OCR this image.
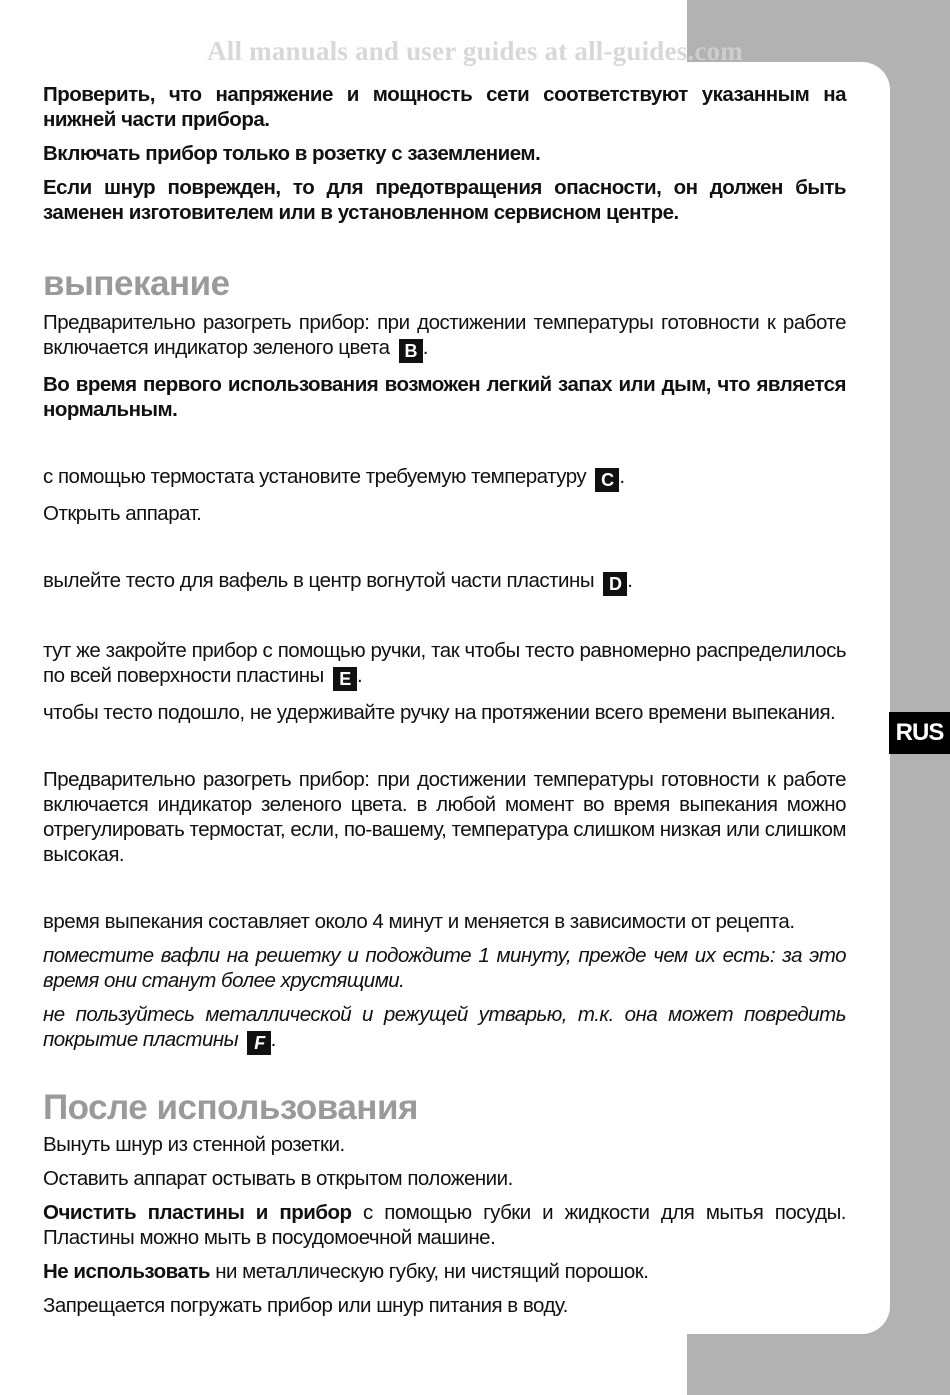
All manuals and user guides at all-guides.com
RUS

Проверить, что напряжение и мощность сети соответствуют указанным на нижней части прибора.

Включать прибор только в розетку с заземлением.

Если шнур поврежден, то для предотвращения опасности, он должен быть заменен изготовителем или в установленном сервисном центре.

выпекание

Предварительно разогреть прибор: при достижении температуры готовности к работе включается индикатор зеленого цвета B .

Во время первого использования возможен легкий запах или дым, что является нормальным.

с помощью термостата установите требуемую температуру C .

Открыть аппарат.

вылейте тесто для вафель в центр вогнутой части пластины D .

тут же закройте прибор с помощью ручки, так чтобы тесто равномерно распределилось по всей поверхности пластины E .

чтобы тесто подошло, не удерживайте ручку на протяжении всего времени выпекания.

Предварительно разогреть прибор: при достижении температуры готовности к работе включается индикатор зеленого цвета. в любой момент во время выпекания можно отрегулировать термостат, если, по-вашему, температура слишком низкая или слишком высокая.

время выпекания составляет около 4 минут и меняется в зависимости от рецепта.

поместите вафли на решетку и подождите 1 минуту, прежде чем их есть: за это время они станут более хрустящими.

не пользуйтесь металлической и режущей утварью, т.к. она может повредить покрытие пластины F .

После использования

Вынуть шнур из стенной розетки.

Оставить аппарат остывать в открытом положении.

Очистить пластины и прибор с помощью губки и жидкости для мытья посуды. Пластины можно мыть в посудомоечной машине.

Не использовать ни металлическую губку, ни чистящий порошок.

Запрещается погружать прибор или шнур питания в воду.
